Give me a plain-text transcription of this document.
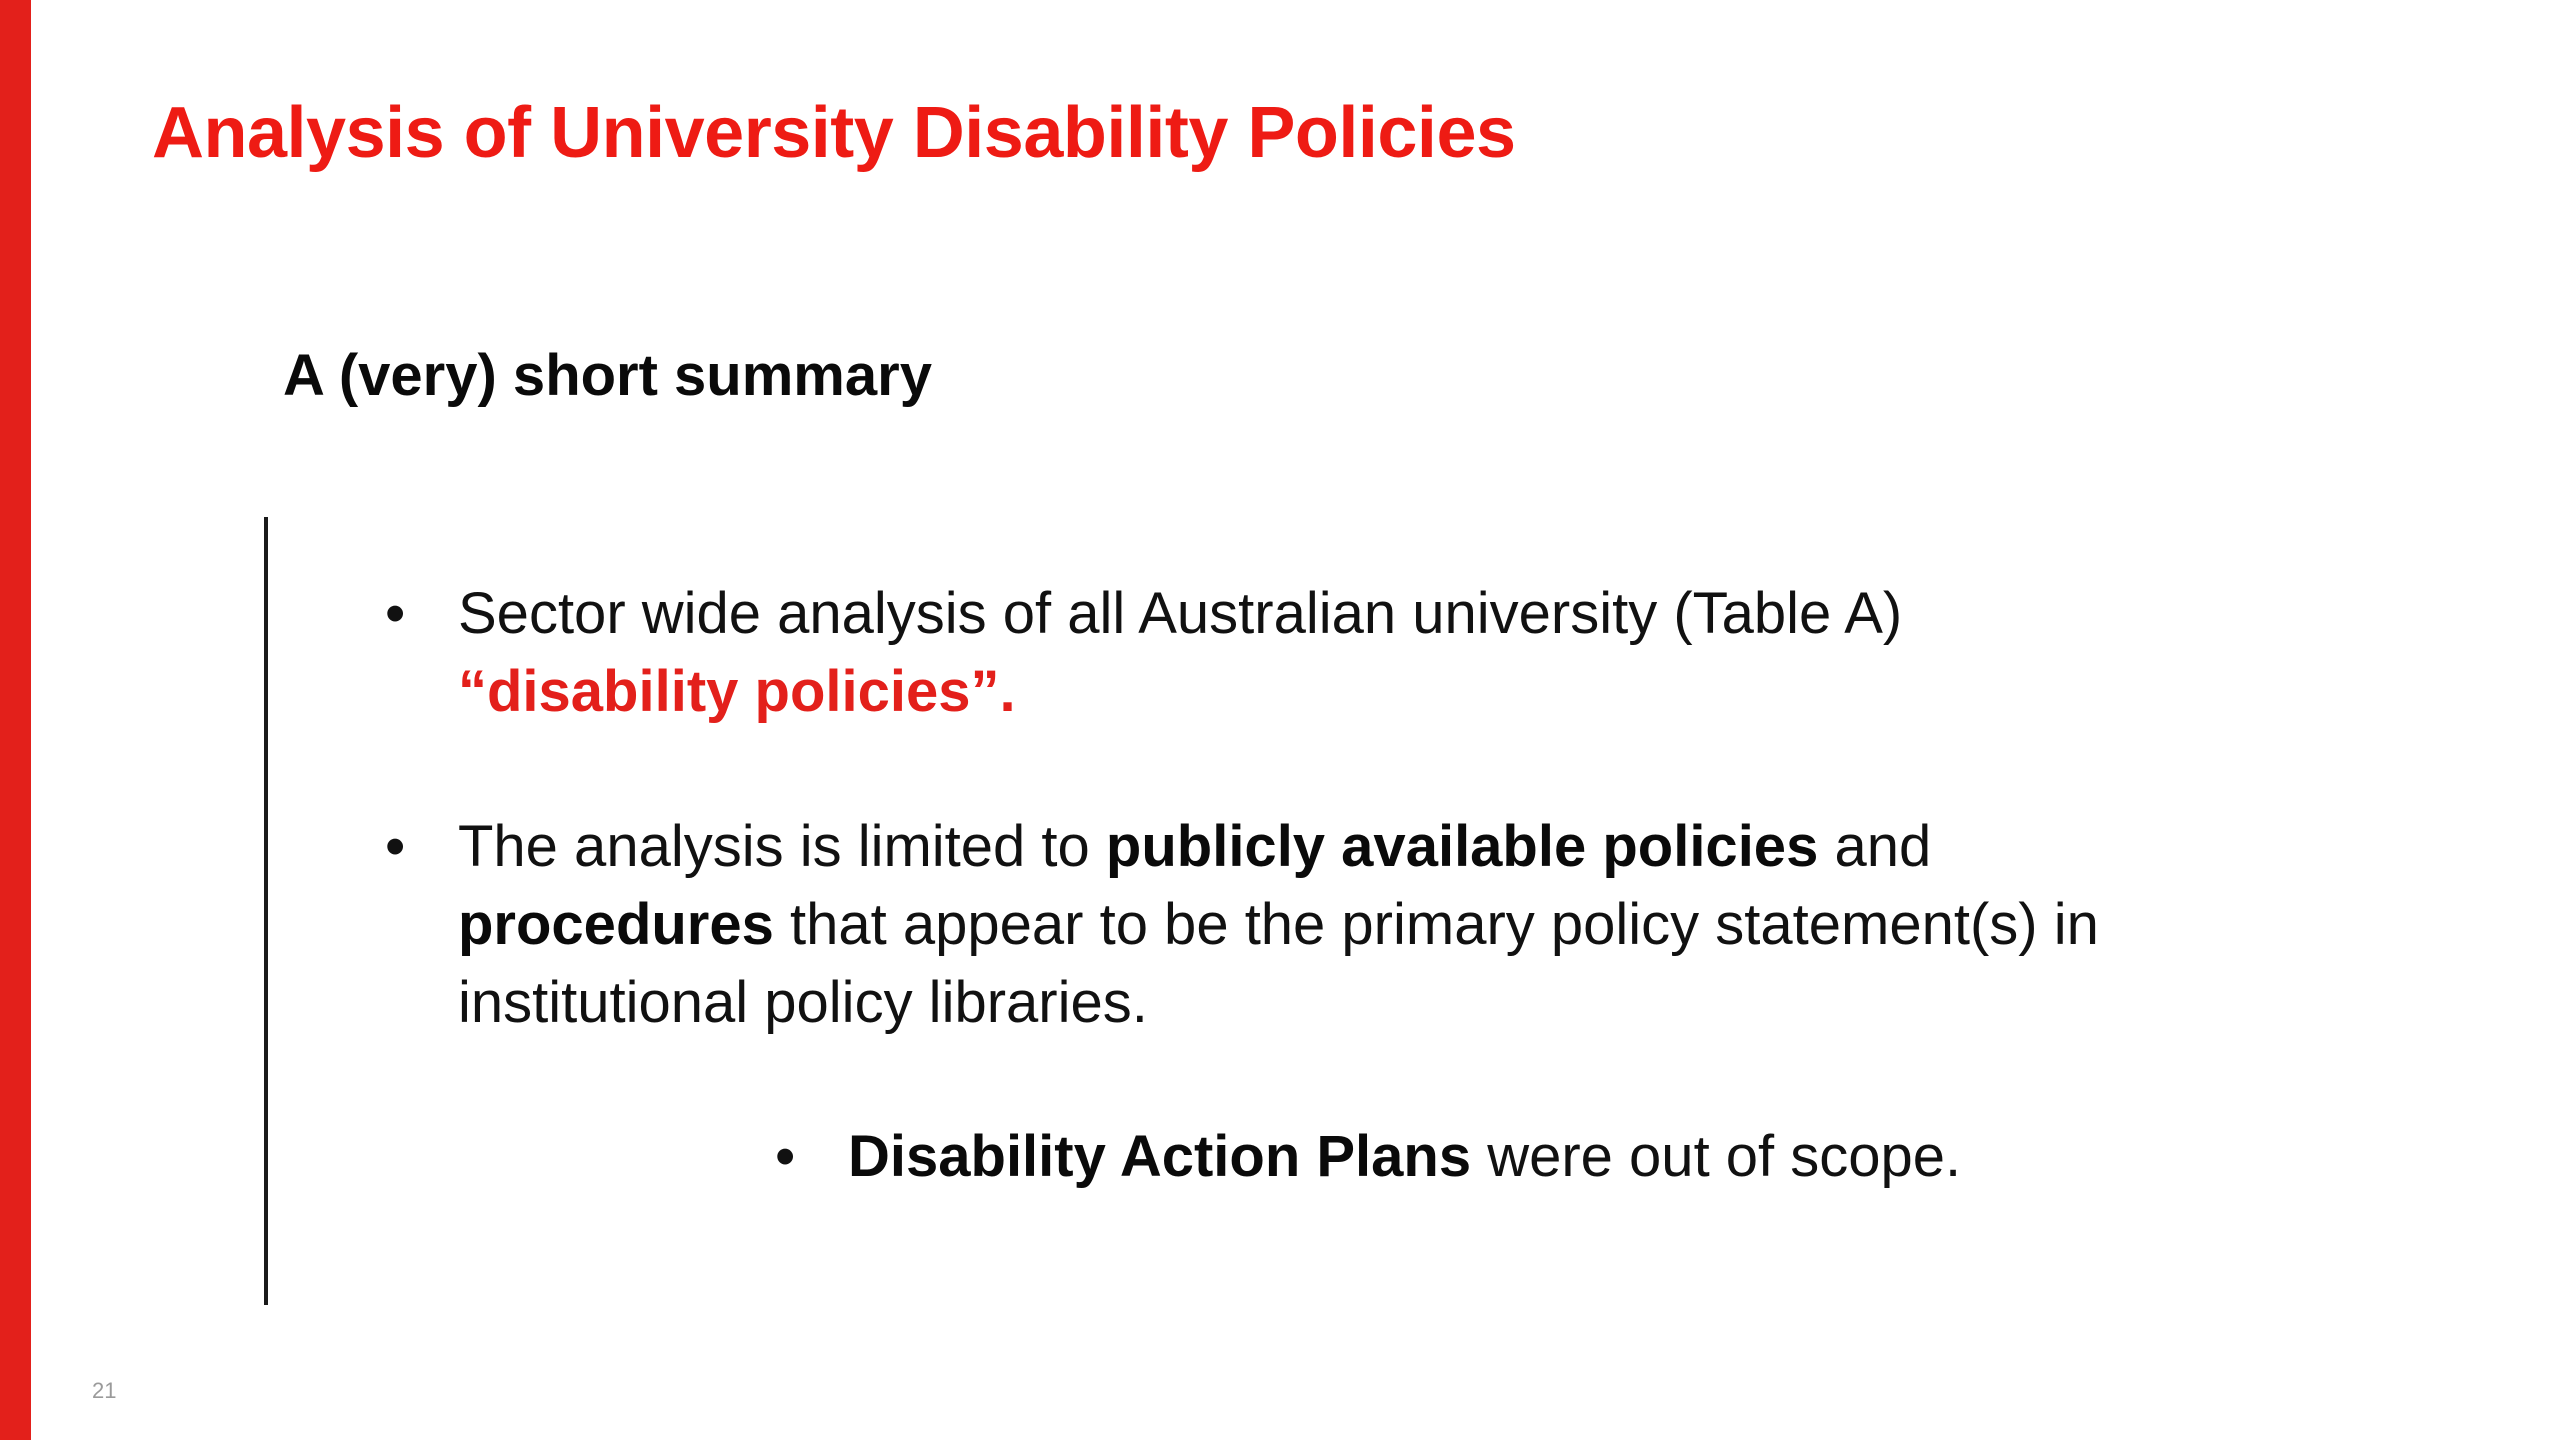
Analysis of University Disability Policies
A (very) short summary
• Sector wide analysis of all Australian university (Table A)
“disability policies”.
• The analysis is limited to publicly available policies and
procedures that appear to be the primary policy statement(s) in institutional policy libraries.
• Disability Action Plans were out of scope.
21
